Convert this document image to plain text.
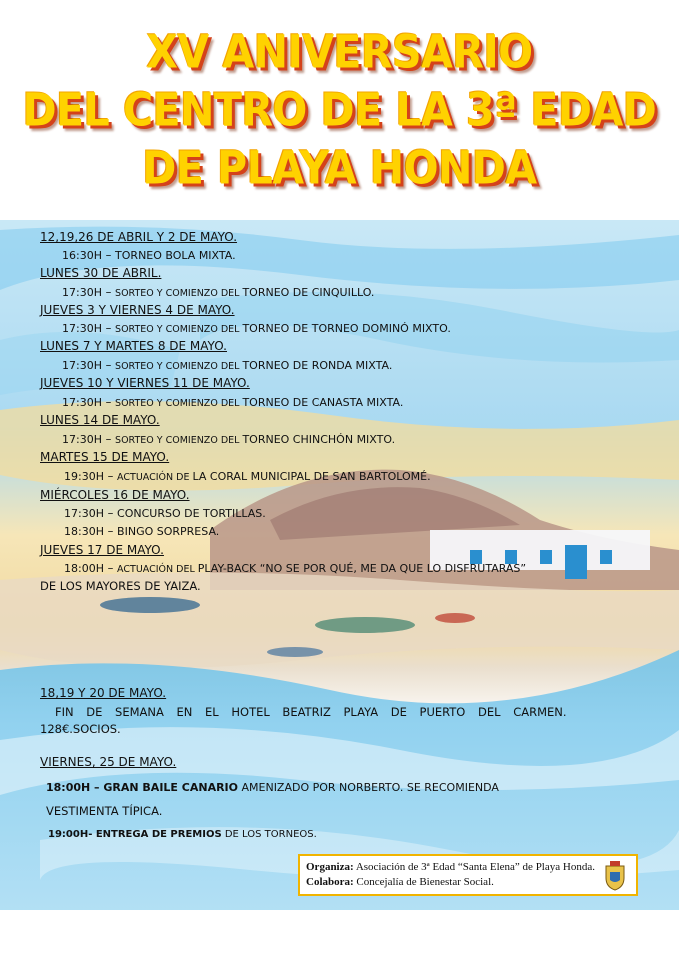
XV ANIVERSARIO
DEL CENTRO DE LA 3ª EDAD
DE PLAYA HONDA
12,19,26 DE ABRIL Y 2 DE MAYO.
16:30H – TORNEO BOLA MIXTA.
LUNES 30 DE ABRIL.
17:30H – SORTEO Y COMIENZO DEL TORNEO DE CINQUILLO.
JUEVES 3 Y VIERNES 4 DE MAYO.
17:30H – SORTEO Y COMIENZO DEL TORNEO DE TORNEO DOMINÓ MIXTO.
LUNES 7 Y MARTES 8 DE MAYO.
17:30H – SORTEO Y COMIENZO DEL TORNEO DE RONDA MIXTA.
JUEVES 10 Y VIERNES 11 DE MAYO.
17:30H – SORTEO Y COMIENZO DEL TORNEO DE CANASTA MIXTA.
LUNES 14 DE MAYO.
17:30H – SORTEO Y COMIENZO DEL TORNEO CHINCHÓN MIXTO.
MARTES 15 DE MAYO.
19:30H – ACTUACIÓN DE LA CORAL MUNICIPAL DE SAN BARTOLOMÉ.
MIÉRCOLES 16 DE MAYO.
17:30H – CONCURSO DE TORTILLAS.
18:30H – BINGO SORPRESA.
JUEVES 17 DE MAYO.
18:00H – ACTUACIÓN DEL PLAY-BACK “NO SE POR QUÉ, ME DA QUE LO DISFRUTARAS”
DE LOS MAYORES DE YAIZA.
18,19 Y 20 DE MAYO.
FIN DE SEMANA EN EL HOTEL BEATRIZ PLAYA DE PUERTO DEL CARMEN.
128€.SOCIOS.
VIERNES, 25 DE MAYO.
18:00H – GRAN BAILE CANARIO AMENIZADO POR NORBERTO. SE RECOMIENDA
VESTIMENTA TÍPICA.
19:00H- ENTREGA DE PREMIOS DE LOS TORNEOS.
Organiza: Asociación de 3ª Edad “Santa Elena” de Playa Honda.
Colabora: Concejalía de Bienestar Social.
